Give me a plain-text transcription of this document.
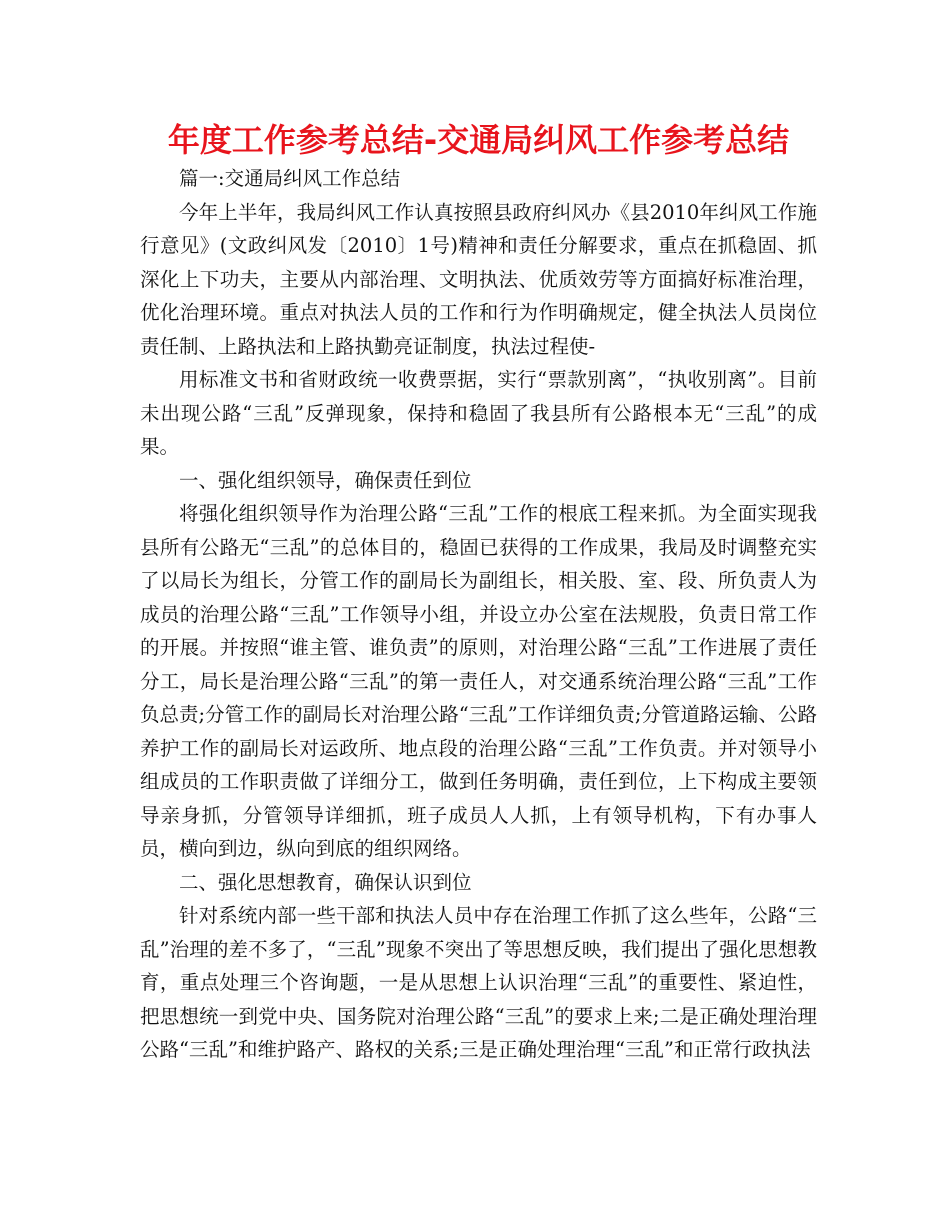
年度工作参考总结-交通局纠风工作参考总结

篇一:交通局纠风工作总结

今年上半年，我局纠风工作认真按照县政府纠风办《县2010年纠风工作施行意见》(文政纠风发〔2010〕1号)精神和责任分解要求，重点在抓稳固、抓深化上下功夫，主要从内部治理、文明执法、优质效劳等方面搞好标准治理，优化治理环境。重点对执法人员的工作和行为作明确规定，健全执法人员岗位责任制、上路执法和上路执勤亮证制度，执法过程使-

用标准文书和省财政统一收费票据，实行“票款别离”，“执收别离”。目前未出现公路“三乱”反弹现象，保持和稳固了我县所有公路根本无“三乱”的成果。

一、强化组织领导，确保责任到位

将强化组织领导作为治理公路“三乱”工作的根底工程来抓。为全面实现我县所有公路无“三乱”的总体目的，稳固已获得的工作成果，我局及时调整充实了以局长为组长，分管工作的副局长为副组长，相关股、室、段、所负责人为成员的治理公路“三乱”工作领导小组，并设立办公室在法规股，负责日常工作的开展。并按照“谁主管、谁负责”的原则，对治理公路“三乱”工作进展了责任分工，局长是治理公路“三乱”的第一责任人，对交通系统治理公路“三乱”工作负总责;分管工作的副局长对治理公路“三乱”工作详细负责;分管道路运输、公路养护工作的副局长对运政所、地点段的治理公路“三乱”工作负责。并对领导小组成员的工作职责做了详细分工，做到任务明确，责任到位，上下构成主要领导亲身抓，分管领导详细抓，班子成员人人抓，上有领导机构，下有办事人员，横向到边，纵向到底的组织网络。

二、强化思想教育，确保认识到位

针对系统内部一些干部和执法人员中存在治理工作抓了这么些年，公路“三乱”治理的差不多了，“三乱”现象不突出了等思想反映，我们提出了强化思想教育，重点处理三个咨询题，一是从思想上认识治理“三乱”的重要性、紧迫性，把思想统一到党中央、国务院对治理公路“三乱”的要求上来;二是正确处理治理公路“三乱”和维护路产、路权的关系;三是正确处理治理“三乱”和正常行政执法
